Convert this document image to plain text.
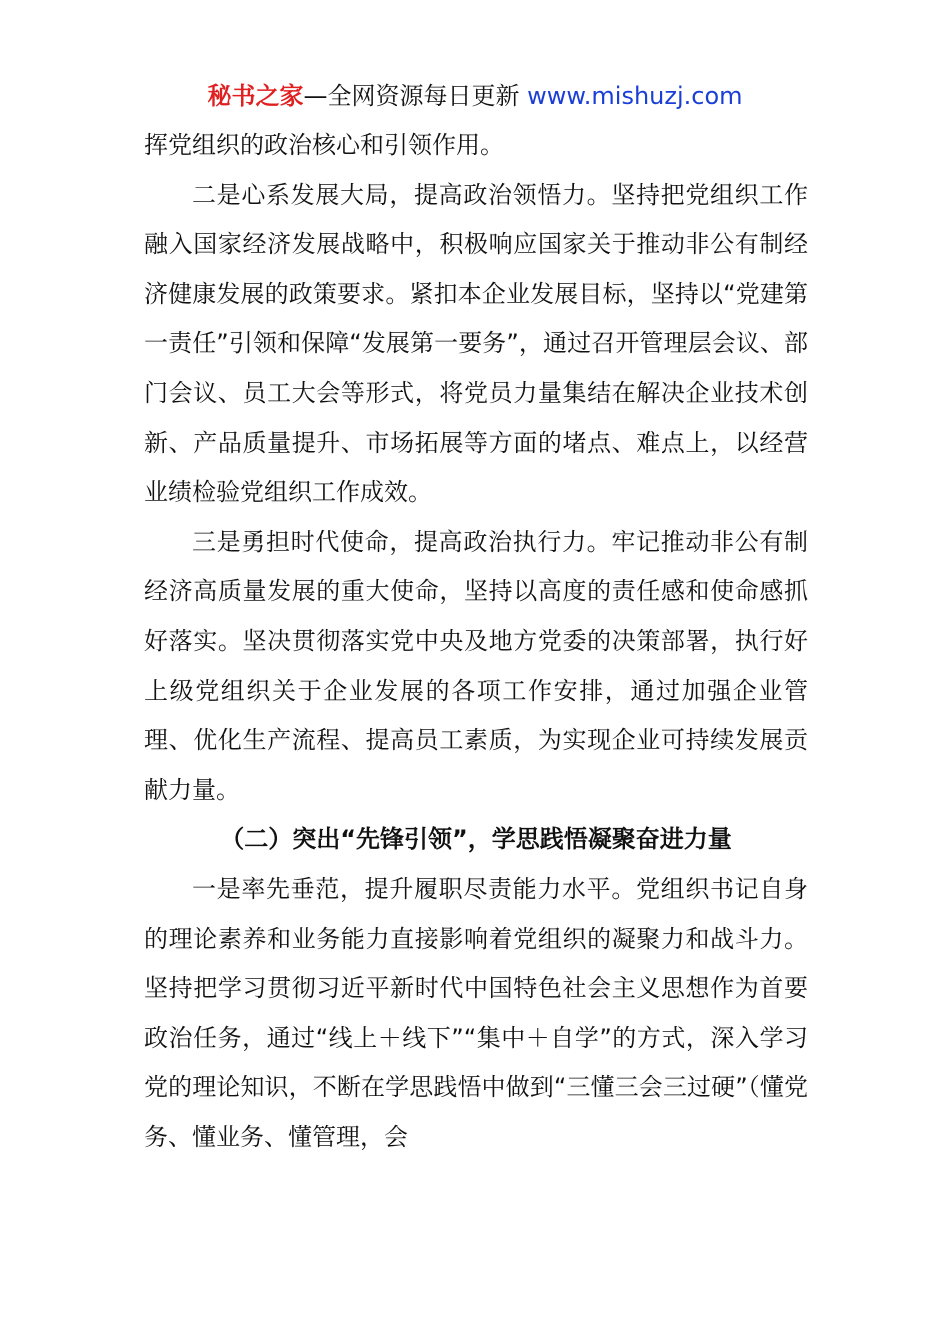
秘书之家—全网资源每日更新 www.mishuzj.com

挥党组织的政治核心和引领作用。

二是心系发展大局，提高政治领悟力。坚持把党组织工作融入国家经济发展战略中，积极响应国家关于推动非公有制经济健康发展的政策要求。紧扣本企业发展目标，坚持以“党建第一责任”引领和保障“发展第一要务”，通过召开管理层会议、部门会议、员工大会等形式，将党员力量集结在解决企业技术创新、产品质量提升、市场拓展等方面的堵点、难点上，以经营业绩检验党组织工作成效。

三是勇担时代使命，提高政治执行力。牢记推动非公有制经济高质量发展的重大使命，坚持以高度的责任感和使命感抓好落实。坚决贯彻落实党中央及地方党委的决策部署，执行好上级党组织关于企业发展的各项工作安排，通过加强企业管理、优化生产流程、提高员工素质，为实现企业可持续发展贡献力量。

（二）突出“先锋引领”，学思践悟凝聚奋进力量

一是率先垂范，提升履职尽责能力水平。党组织书记自身的理论素养和业务能力直接影响着党组织的凝聚力和战斗力。坚持把学习贯彻习近平新时代中国特色社会主义思想作为首要政治任务，通过“线上＋线下”“集中＋自学”的方式，深入学习党的理论知识，不断在学思践悟中做到“三懂三会三过硬”（懂党务、懂业务、懂管理，会
